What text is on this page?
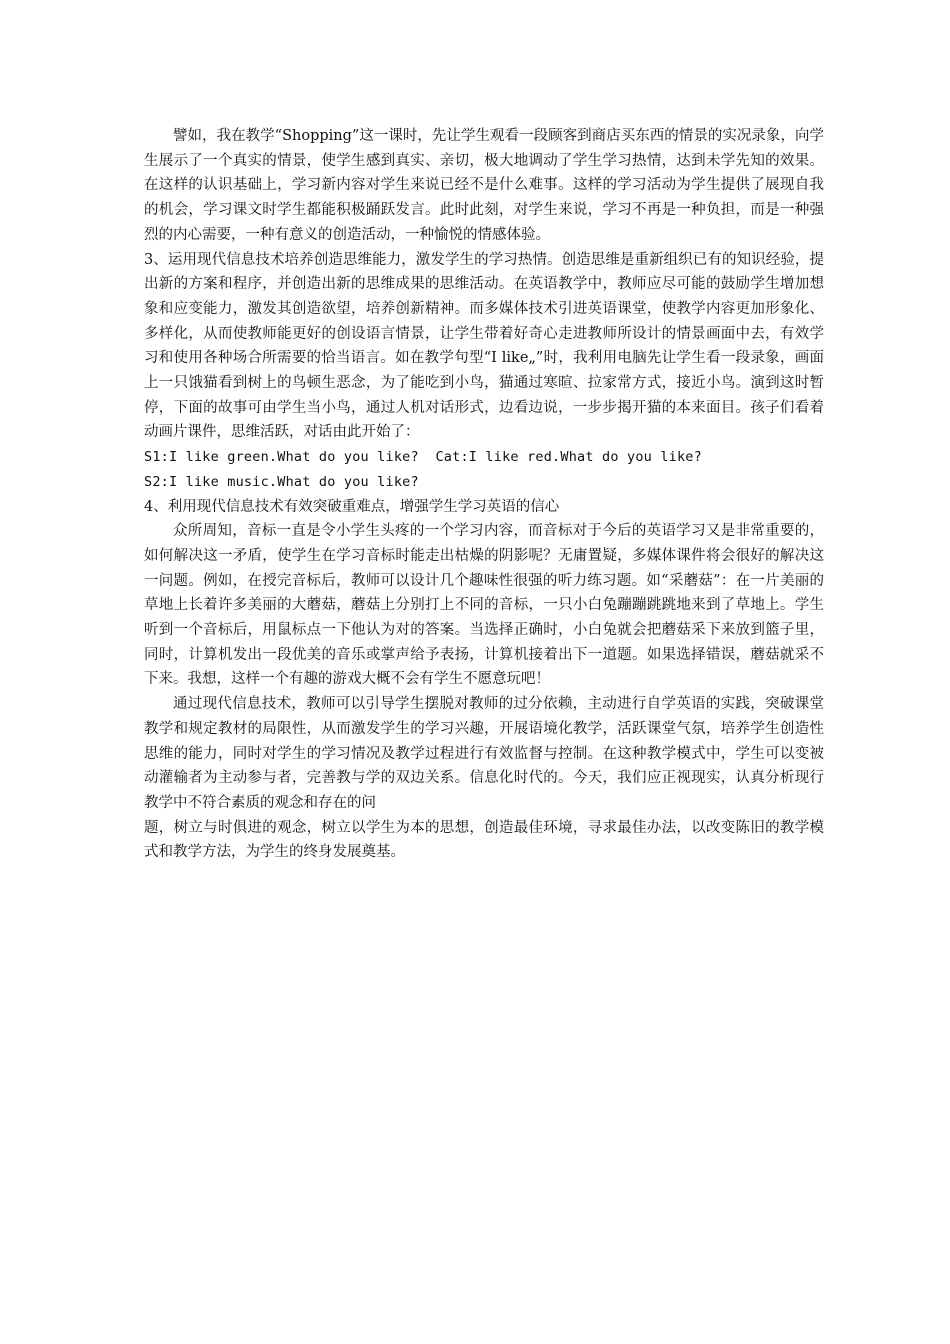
譬如，我在教学“Shopping”这一课时，先让学生观看一段顾客到商店买东西的情景的实况录象，向学生展示了一个真实的情景，使学生感到真实、亲切，极大地调动了学生学习热情，达到未学先知的效果。在这样的认识基础上，学习新内容对学生来说已经不是什么难事。这样的学习活动为学生提供了展现自我的机会，学习课文时学生都能积极踊跃发言。此时此刻，对学生来说，学习不再是一种负担，而是一种强烈的内心需要，一种有意义的创造活动，一种愉悦的情感体验。

3、运用现代信息技术培养创造思维能力，激发学生的学习热情。创造思维是重新组织已有的知识经验，提出新的方案和程序，并创造出新的思维成果的思维活动。在英语教学中，教师应尽可能的鼓励学生增加想象和应变能力，激发其创造欲望，培养创新精神。而多媒体技术引进英语课堂，使教学内容更加形象化、多样化，从而使教师能更好的创设语言情景，让学生带着好奇心走进教师所设计的情景画面中去，有效学习和使用各种场合所需要的恰当语言。如在教学句型“I like„”时，我利用电脑先让学生看一段录象，画面上一只饿猫看到树上的鸟顿生恶念，为了能吃到小鸟，猫通过寒暄、拉家常方式，接近小鸟。演到这时暂停，下面的故事可由学生当小鸟，通过人机对话形式，边看边说，一步步揭开猫的本来面目。孩子们看着动画片课件，思维活跃，对话由此开始了：

S1:I like green.What do you like?  Cat:I like red.What do you like?

S2:I like music.What do you like?

4、利用现代信息技术有效突破重难点，增强学生学习英语的信心

众所周知，音标一直是令小学生头疼的一个学习内容，而音标对于今后的英语学习又是非常重要的，如何解决这一矛盾，使学生在学习音标时能走出枯燥的阴影呢？无庸置疑，多媒体课件将会很好的解决这一问题。例如，在授完音标后，教师可以设计几个趣味性很强的听力练习题。如“采蘑菇”：在一片美丽的草地上长着许多美丽的大蘑菇，蘑菇上分别打上不同的音标，一只小白兔蹦蹦跳跳地来到了草地上。学生听到一个音标后，用鼠标点一下他认为对的答案。当选择正确时，小白兔就会把蘑菇采下来放到篮子里，同时，计算机发出一段优美的音乐或掌声给予表扬，计算机接着出下一道题。如果选择错误，蘑菇就采不下来。我想，这样一个有趣的游戏大概不会有学生不愿意玩吧！

通过现代信息技术，教师可以引导学生摆脱对教师的过分依赖，主动进行自学英语的实践，突破课堂教学和规定教材的局限性，从而激发学生的学习兴趣，开展语境化教学，活跃课堂气氛，培养学生创造性思维的能力，同时对学生的学习情况及教学过程进行有效监督与控制。在这种教学模式中，学生可以变被动灌输者为主动参与者，完善教与学的双边关系。信息化时代的。今天，我们应正视现实，认真分析现行教学中不符合素质的观念和存在的问

题，树立与时俱进的观念，树立以学生为本的思想，创造最佳环境，寻求最佳办法，以改变陈旧的教学模式和教学方法，为学生的终身发展奠基。
